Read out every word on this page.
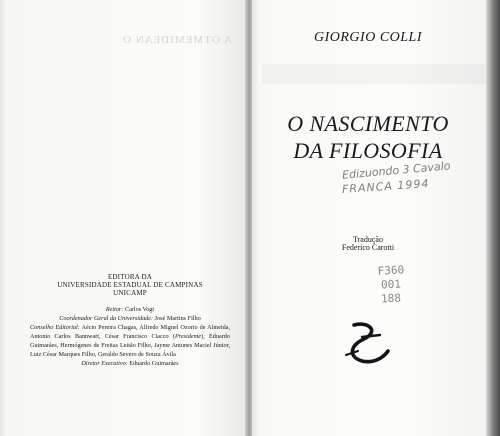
A OTMEMIDEAN O
EDITORA DA
UNIVERSIDADE ESTADUAL DE CAMPINAS
UNICAMP
Reitor: Carlos Vogt
Coordenador Geral da Universidade: José Martins Filho
Conselho Editorial: Aécio Pereira Chagas, Alfredo Miguel Ozorio de Almeida, Antonio Carlos Bannwart, César Francisco Ciacco (Presidente), Eduardo Guimarães, Hermógenes de Freitas Leitão Filho, Jayme Antunes Maciel Júnior, Luiz César Marques Filho, Geraldo Severo de Souza Ávila
Diretor Executivo: Eduardo Guimarães
GIORGIO COLLI
O NASCIMENTO
DA FILOSOFIA
Edizuondo 3 Cavalo
FRANCA 1994
Tradução
Federico Carotti
F360
001
188
